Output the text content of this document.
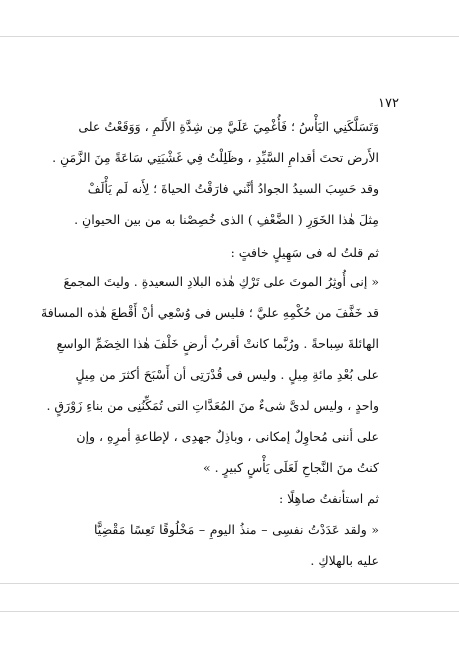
١٧٢
وَتَسَلَّكَنِي اليَأْسُ ؛ فَأُغْمِيَ عَلَيَّ مِن شِدَّةِ الأَلَمِ ، وَوَقَعْتُ على
الأَرض تحتَ أقدامِ السَّيِّدِ ، وظَلِلْتُ فِي غَشْيَتِي سَاعَةً مِنَ الزَّمَنِ .
وقد حَسِبَ السيدُ الجوادُ أنَّني فارَقْتُ الحياةَ ؛ لِأَنه لَم يَأْلَفْ
مِثلَ هٰذا الخَوَرِ ( الضَّعْفِ ) الذى خُصِصْنا به من بين الحيوانِ .
ثم قلتُ له فى سَهِيلٍ خافتٍ :
« إنى أُوثِرُ الموتَ على تَرْكِ هٰذه البلادِ السعيدةِ . وليتَ المجمعَ
قد خَفَّفَ من حُكْمِهِ عليَّ ؛ فليس فى وُسْعِي أنْ أَقْطعَ هٰذه المسافةَ
الهائلةَ سِباحةً . ورُبَّما كانتْ أقربُ أرضٍ خَلْفَ هٰذا الخِضَمِّ الواسعِ
على بُعْدِ مائةِ مِيلٍ . وليس فى قُدْرَتِى أن أَسْبَحَ أكثرَ من مِيلٍ
واحدٍ ، وليس لدىَّ شىءٌ منَ المُعَدَّاتِ التى تُمَكِّنُنِى من بناءِ زَوْرَقٍ .
على أننى مُحاوِلٌ إمكانى ، وباذِلٌ جهدِى ، لإطاعةِ أمرِهِ ، وإن
كنتُ منَ النَّجاحِ لَعَلَى يَأْسٍ كبيرٍ . »
ثم استأنفتُ صاهِلًا :
« ولقد عَدَدْتُ نفسِى – منذُ اليومِ – مَخْلُوقًا تَعِسًا مَقْضِيًّا
عليه بالهلاكِ .
